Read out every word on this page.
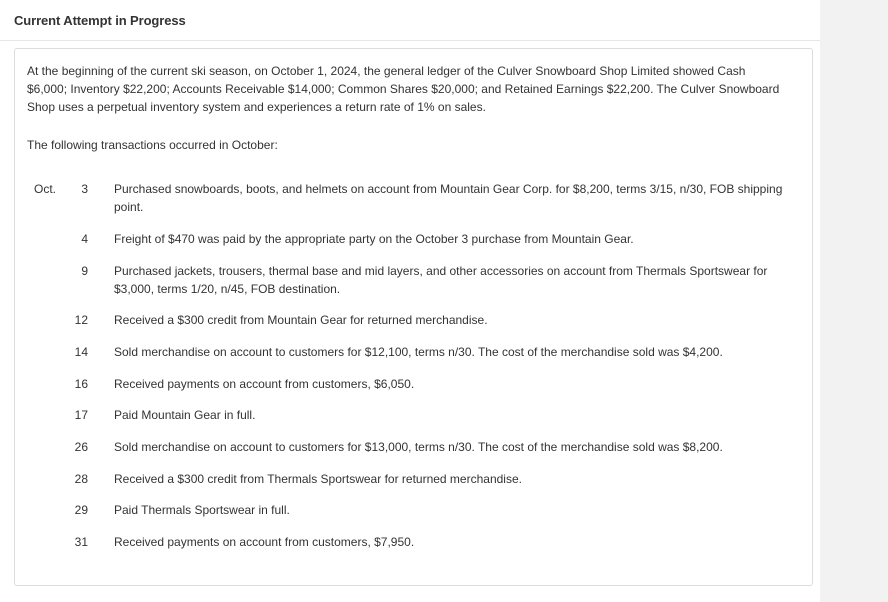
Current Attempt in Progress

At the beginning of the current ski season, on October 1, 2024, the general ledger of the Culver Snowboard Shop Limited showed Cash $6,000; Inventory $22,200; Accounts Receivable $14,000; Common Shares $20,000; and Retained Earnings $22,200. The Culver Snowboard Shop uses a perpetual inventory system and experiences a return rate of 1% on sales.

The following transactions occurred in October:

Oct.	3 Purchased snowboards, boots, and helmets on account from Mountain Gear Corp. for $8,200, terms 3/15, n/30, FOB shipping point.
4 Freight of $470 was paid by the appropriate party on the October 3 purchase from Mountain Gear.
9 Purchased jackets, trousers, thermal base and mid layers, and other accessories on account from Thermals Sportswear for $3,000, terms 1/20, n/45, FOB destination.
12 Received a $300 credit from Mountain Gear for returned merchandise.
14 Sold merchandise on account to customers for $12,100, terms n/30. The cost of the merchandise sold was $4,200.
16 Received payments on account from customers, $6,050.
17 Paid Mountain Gear in full.
26 Sold merchandise on account to customers for $13,000, terms n/30. The cost of the merchandise sold was $8,200.
28 Received a $300 credit from Thermals Sportswear for returned merchandise.
29 Paid Thermals Sportswear in full.
31 Received payments on account from customers, $7,950.
